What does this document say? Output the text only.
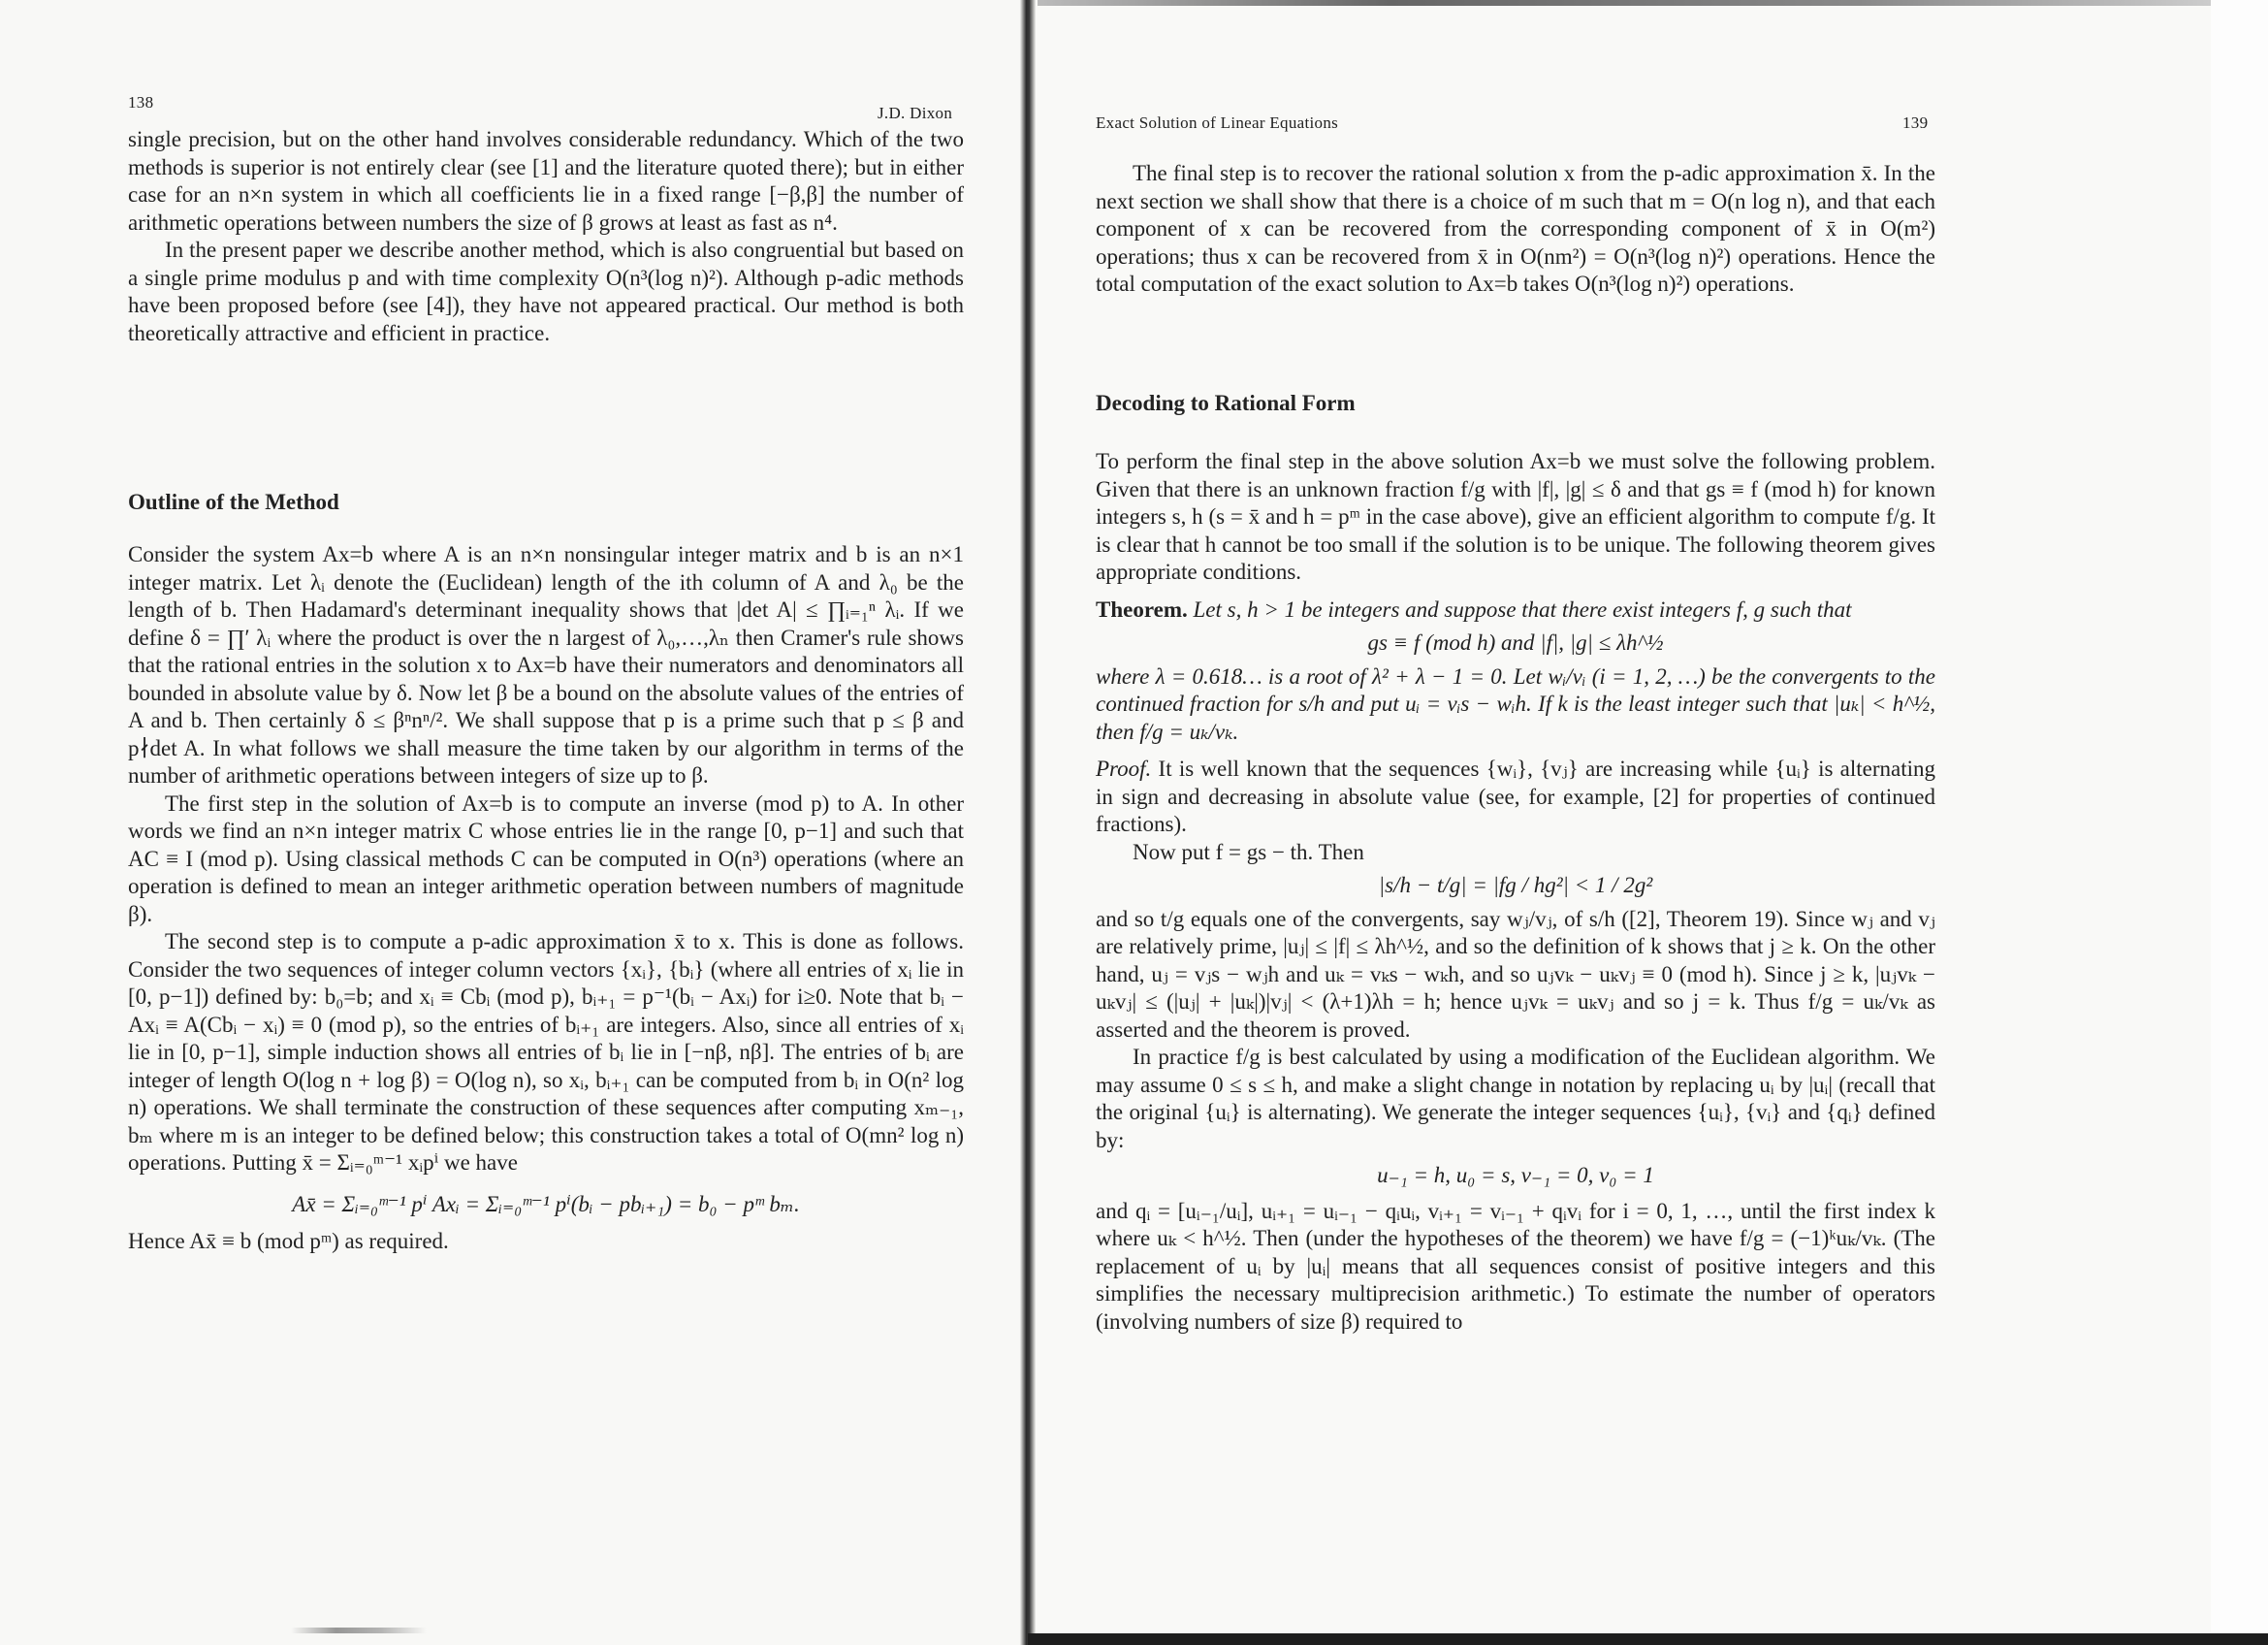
138
J.D. Dixon

single precision, but on the other hand involves considerable redundancy. Which of the two methods is superior is not entirely clear (see [1] and the literature quoted there); but in either case for an n×n system in which all coefficients lie in a fixed range [−β,β] the number of arithmetic operations between numbers the size of β grows at least as fast as n⁴.

In the present paper we describe another method, which is also congruential but based on a single prime modulus p and with time complexity O(n³(log n)²). Although p-adic methods have been proposed before (see [4]), they have not appeared practical. Our method is both theoretically attractive and efficient in practice.

Outline of the Method

Consider the system Ax=b where A is an n×n nonsingular integer matrix and b is an n×1 integer matrix. Let λᵢ denote the (Euclidean) length of the ith column of A and λ₀ be the length of b. Then Hadamard's determinant inequality shows that |det A| ≤ ∏ᵢ₌₁ⁿ λᵢ. If we define δ = ∏′ λᵢ where the product is over the n largest of λ₀,…,λₙ then Cramer's rule shows that the rational entries in the solution x to Ax=b have their numerators and denominators all bounded in absolute value by δ. Now let β be a bound on the absolute values of the entries of A and b. Then certainly δ ≤ βⁿnⁿ/². We shall suppose that p is a prime such that p ≤ β and p∤det A. In what follows we shall measure the time taken by our algorithm in terms of the number of arithmetic operations between integers of size up to β.

The first step in the solution of Ax=b is to compute an inverse (mod p) to A. In other words we find an n×n integer matrix C whose entries lie in the range [0, p−1] and such that AC ≡ I (mod p). Using classical methods C can be computed in O(n³) operations (where an operation is defined to mean an integer arithmetic operation between numbers of magnitude β).

The second step is to compute a p-adic approximation x̄ to x. This is done as follows. Consider the two sequences of integer column vectors {xᵢ}, {bᵢ} (where all entries of xᵢ lie in [0, p−1]) defined by: b₀=b; and xᵢ ≡ Cbᵢ (mod p), bᵢ₊₁ = p⁻¹(bᵢ − Axᵢ) for i≥0. Note that bᵢ − Axᵢ ≡ A(Cbᵢ − xᵢ) ≡ 0 (mod p), so the entries of bᵢ₊₁ are integers. Also, since all entries of xᵢ lie in [0, p−1], simple induction shows all entries of bᵢ lie in [−nβ, nβ]. The entries of bᵢ are integer of length O(log n + log β) = O(log n), so xᵢ, bᵢ₊₁ can be computed from bᵢ in O(n² log n) operations. We shall terminate the construction of these sequences after computing xₘ₋₁, bₘ where m is an integer to be defined below; this construction takes a total of O(mn² log n) operations. Putting x̄ = Σᵢ₌₀ᵐ⁻¹ xᵢpⁱ we have

Ax̄ = Σᵢ₌₀ᵐ⁻¹ pⁱ Axᵢ = Σᵢ₌₀ᵐ⁻¹ pⁱ(bᵢ − pbᵢ₊₁) = b₀ − pᵐ bₘ.

Hence Ax̄ ≡ b (mod pᵐ) as required.

Exact Solution of Linear Equations	139

The final step is to recover the rational solution x from the p-adic approximation x̄. In the next section we shall show that there is a choice of m such that m = O(n log n), and that each component of x can be recovered from the corresponding component of x̄ in O(m²) operations; thus x can be recovered from x̄ in O(nm²) = O(n³(log n)²) operations. Hence the total computation of the exact solution to Ax=b takes O(n³(log n)²) operations.

Decoding to Rational Form

To perform the final step in the above solution Ax=b we must solve the following problem. Given that there is an unknown fraction f/g with |f|, |g| ≤ δ and that gs ≡ f (mod h) for known integers s, h (s = x̄ and h = pᵐ in the case above), give an efficient algorithm to compute f/g. It is clear that h cannot be too small if the solution is to be unique. The following theorem gives appropriate conditions.

Theorem. Let s, h > 1 be integers and suppose that there exist integers f, g such that

gs ≡ f (mod h) and |f|, |g| ≤ λh^½

where λ = 0.618… is a root of λ² + λ − 1 = 0. Let wᵢ/vᵢ (i = 1, 2, …) be the convergents to the continued fraction for s/h and put uᵢ = vᵢs − wᵢh. If k is the least integer such that |uₖ| < h^½, then f/g = uₖ/vₖ.

Proof. It is well known that the sequences {wᵢ}, {vⱼ} are increasing while {uᵢ} is alternating in sign and decreasing in absolute value (see, for example, [2] for properties of continued fractions).

Now put f = gs − th. Then

|s/h − t/g| = |fg / hg²| < 1 / 2g²

and so t/g equals one of the convergents, say wⱼ/vⱼ, of s/h ([2], Theorem 19). Since wⱼ and vⱼ are relatively prime, |uⱼ| ≤ |f| ≤ λh^½, and so the definition of k shows that j ≥ k. On the other hand, uⱼ = vⱼs − wⱼh and uₖ = vₖs − wₖh, and so uⱼvₖ − uₖvⱼ ≡ 0 (mod h). Since j ≥ k, |uⱼvₖ − uₖvⱼ| ≤ (|uⱼ| + |uₖ|)|vⱼ| < (λ+1)λh = h; hence uⱼvₖ = uₖvⱼ and so j = k. Thus f/g = uₖ/vₖ as asserted and the theorem is proved.

In practice f/g is best calculated by using a modification of the Euclidean algorithm. We may assume 0 ≤ s ≤ h, and make a slight change in notation by replacing uᵢ by |uᵢ| (recall that the original {uᵢ} is alternating). We generate the integer sequences {uᵢ}, {vᵢ} and {qᵢ} defined by:

u₋₁ = h, u₀ = s, v₋₁ = 0, v₀ = 1

and qᵢ = [uᵢ₋₁/uᵢ], uᵢ₊₁ = uᵢ₋₁ − qᵢuᵢ, vᵢ₊₁ = vᵢ₋₁ + qᵢvᵢ for i = 0, 1, …, until the first index k where uₖ < h^½. Then (under the hypotheses of the theorem) we have f/g = (−1)ᵏuₖ/vₖ. (The replacement of uᵢ by |uᵢ| means that all sequences consist of positive integers and this simplifies the necessary multiprecision arithmetic.) To estimate the number of operators (involving numbers of size β) required to
